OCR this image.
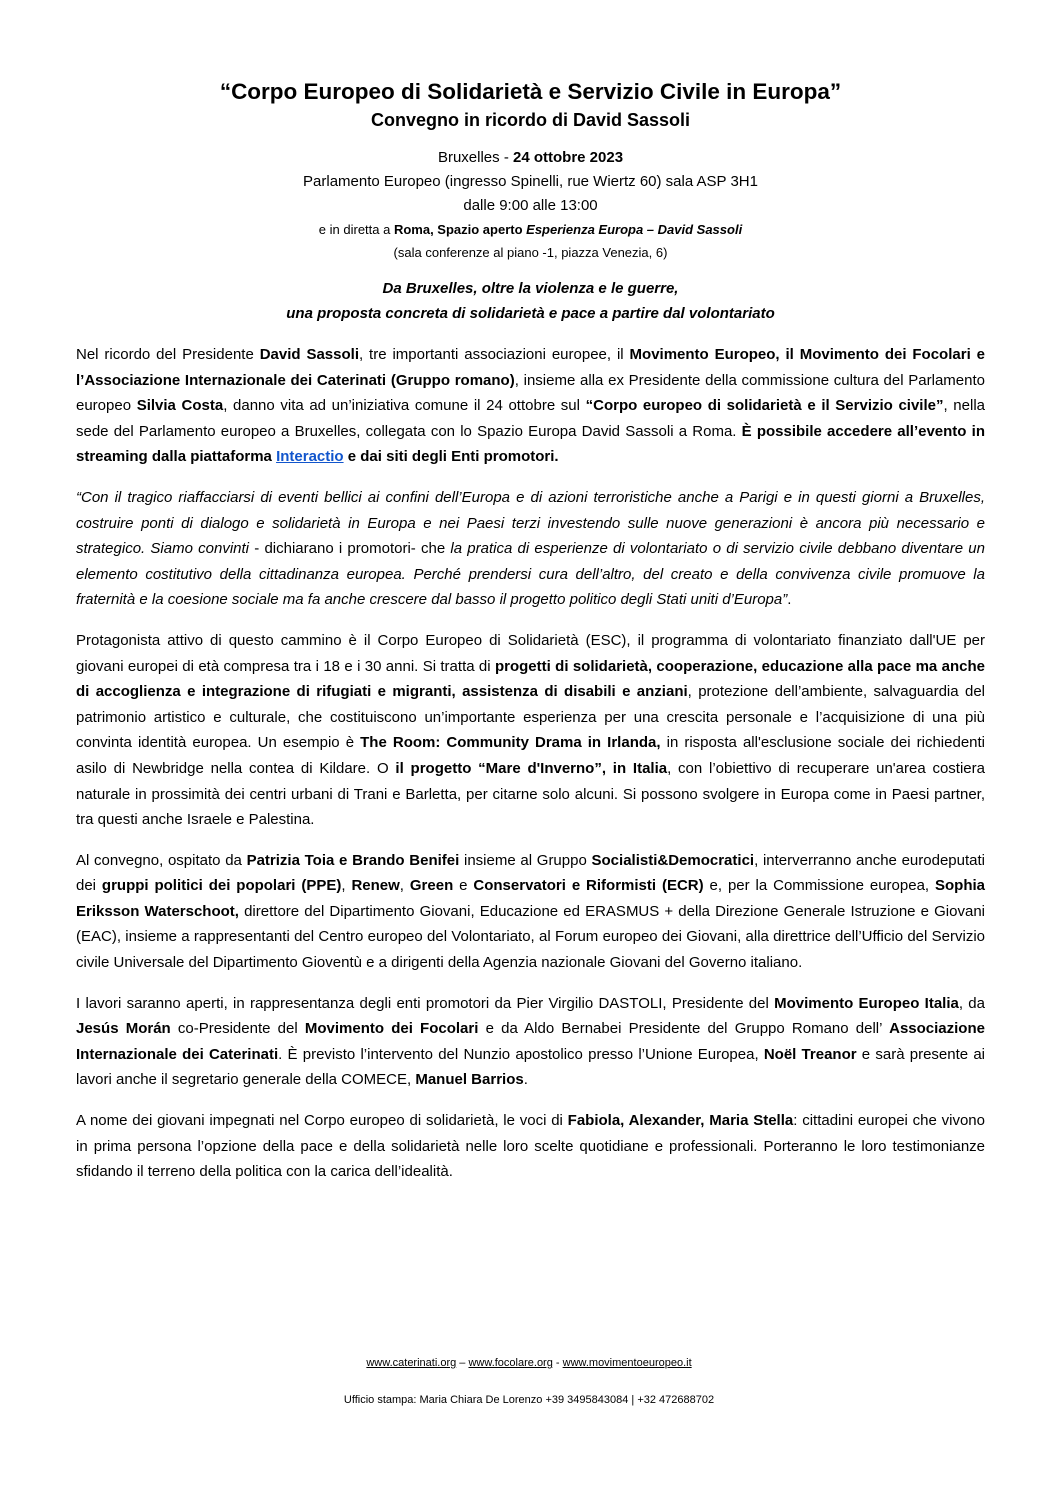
“Corpo Europeo di Solidarietà e Servizio Civile in Europa”
Convegno in ricordo di David Sassoli
Bruxelles - 24 ottobre 2023
Parlamento Europeo (ingresso Spinelli, rue Wiertz 60) sala ASP 3H1
dalle 9:00 alle 13:00
e in diretta a Roma, Spazio aperto Esperienza Europa – David Sassoli
(sala conferenze al piano -1, piazza Venezia, 6)
Da Bruxelles, oltre la violenza e le guerre,
una proposta concreta di solidarietà e pace a partire dal volontariato

Nel ricordo del Presidente David Sassoli, tre importanti associazioni europee, il Movimento Europeo, il Movimento dei Focolari e l’Associazione Internazionale dei Caterinati (Gruppo romano), insieme alla ex Presidente della commissione cultura del Parlamento europeo Silvia Costa, danno vita ad un’iniziativa comune il 24 ottobre sul “Corpo europeo di solidarietà e il Servizio civile”, nella sede del Parlamento europeo a Bruxelles, collegata con lo Spazio Europa David Sassoli a Roma. È possibile accedere all’evento in streaming dalla piattaforma Interactio e dai siti degli Enti promotori.

“Con il tragico riaffacciarsi di eventi bellici ai confini dell’Europa e di azioni terroristiche anche a Parigi e in questi giorni a Bruxelles, costruire ponti di dialogo e solidarietà in Europa e nei Paesi terzi investendo sulle nuove generazioni è ancora più necessario e strategico. Siamo convinti - dichiarano i promotori- che la pratica di esperienze di volontariato o di servizio civile debbano diventare un elemento costitutivo della cittadinanza europea. Perché prendersi cura dell’altro, del creato e della convivenza civile promuove la fraternità e la coesione sociale ma fa anche crescere dal basso il progetto politico degli Stati uniti d’Europa”.

Protagonista attivo di questo cammino è il Corpo Europeo di Solidarietà (ESC), il programma di volontariato finanziato dall'UE per giovani europei di età compresa tra i 18 e i 30 anni. Si tratta di progetti di solidarietà, cooperazione, educazione alla pace ma anche di accoglienza e integrazione di rifugiati e migranti, assistenza di disabili e anziani, protezione dell’ambiente, salvaguardia del patrimonio artistico e culturale, che costituiscono un’importante esperienza per una crescita personale e l’acquisizione di una più convinta identità europea. Un esempio è The Room: Community Drama in Irlanda, in risposta all'esclusione sociale dei richiedenti asilo di Newbridge nella contea di Kildare. O il progetto “Mare d'Inverno”, in Italia, con l’obiettivo di recuperare un'area costiera naturale in prossimità dei centri urbani di Trani e Barletta, per citarne solo alcuni. Si possono svolgere in Europa come in Paesi partner, tra questi anche Israele e Palestina.

Al convegno, ospitato da Patrizia Toia e Brando Benifei insieme al Gruppo Socialisti&Democratici, interverranno anche eurodeputati dei gruppi politici dei popolari (PPE), Renew, Green e Conservatori e Riformisti (ECR) e, per la Commissione europea, Sophia Eriksson Waterschoot, direttore del Dipartimento Giovani, Educazione ed ERASMUS + della Direzione Generale Istruzione e Giovani (EAC), insieme a rappresentanti del Centro europeo del Volontariato, al Forum europeo dei Giovani, alla direttrice dell’Ufficio del Servizio civile Universale del Dipartimento Gioventù e a dirigenti della Agenzia nazionale Giovani del Governo italiano.

I lavori saranno aperti, in rappresentanza degli enti promotori da Pier Virgilio DASTOLI, Presidente del Movimento Europeo Italia, da Jesús Morán co-Presidente del Movimento dei Focolari e da Aldo Bernabei Presidente del Gruppo Romano dell’ Associazione Internazionale dei Caterinati. È previsto l’intervento del Nunzio apostolico presso l’Unione Europea, Noël Treanor e sarà presente ai lavori anche il segretario generale della COMECE, Manuel Barrios.

A nome dei giovani impegnati nel Corpo europeo di solidarietà, le voci di Fabiola, Alexander, Maria Stella: cittadini europei che vivono in prima persona l’opzione della pace e della solidarietà nelle loro scelte quotidiane e professionali. Porteranno le loro testimonianze sfidando il terreno della politica con la carica dell’idealità.

www.caterinati.org – www.focolare.org - www.movimentoeuropeo.it
Ufficio stampa: Maria Chiara De Lorenzo +39 3495843084 | +32 472688702
